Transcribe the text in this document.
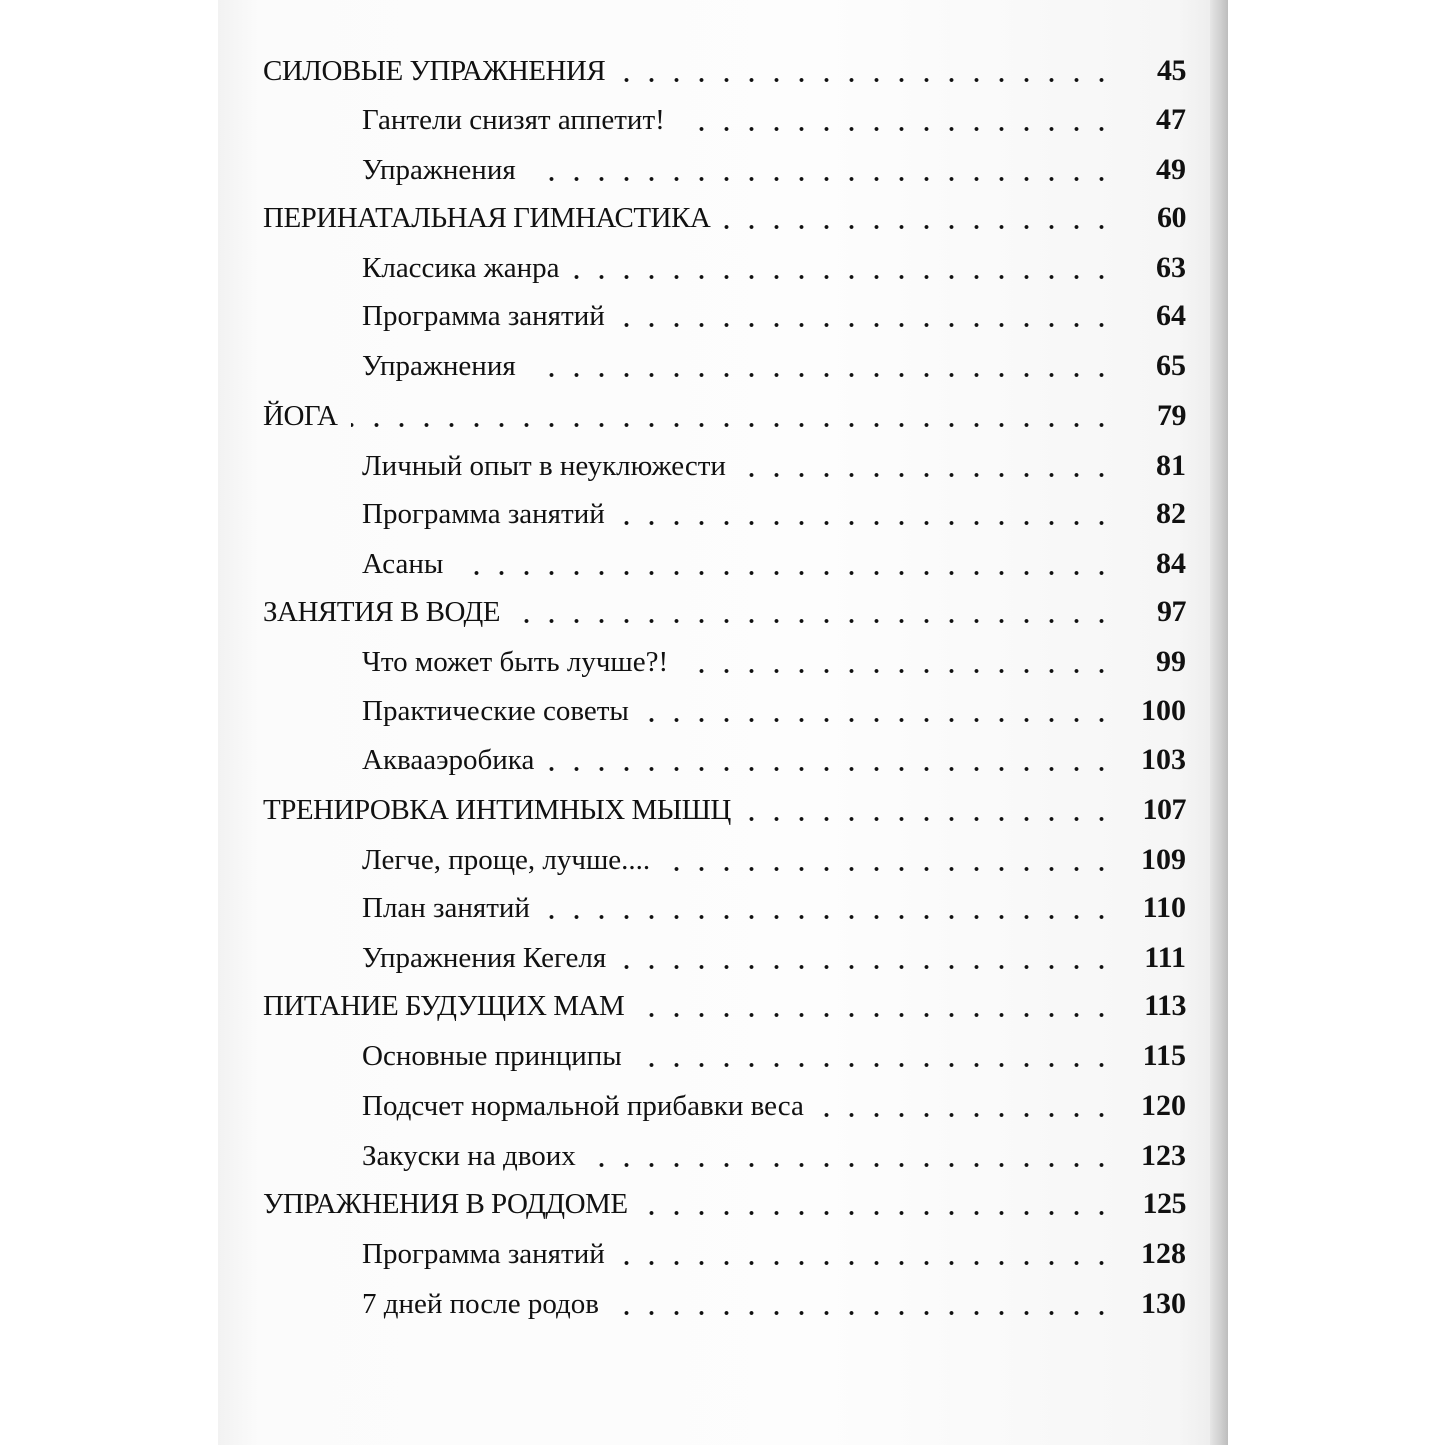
СИЛОВЫЕ УПРАЖНЕНИЯ	45
Гантели снизят аппетит!	47
Упражнения	49
ПЕРИНАТАЛЬНАЯ ГИМНАСТИКА	60
Классика жанра	63
Программа занятий	64
Упражнения	65
ЙОГА	79
Личный опыт в неуклюжести	81
Программа занятий	82
Асаны	84
ЗАНЯТИЯ В ВОДЕ	97
Что может быть лучше?!	99
Практические советы	100
Аквааэробика	103
ТРЕНИРОВКА ИНТИМНЫХ МЫШЦ	107
Легче, проще, лучше....	109
План занятий	110
Упражнения Кегеля	111
ПИТАНИЕ БУДУЩИХ МАМ	113
Основные принципы	115
Подсчет нормальной прибавки веса	120
Закуски на двоих	123
УПРАЖНЕНИЯ В РОДДОМЕ	125
Программа занятий	128
7 дней после родов	130
